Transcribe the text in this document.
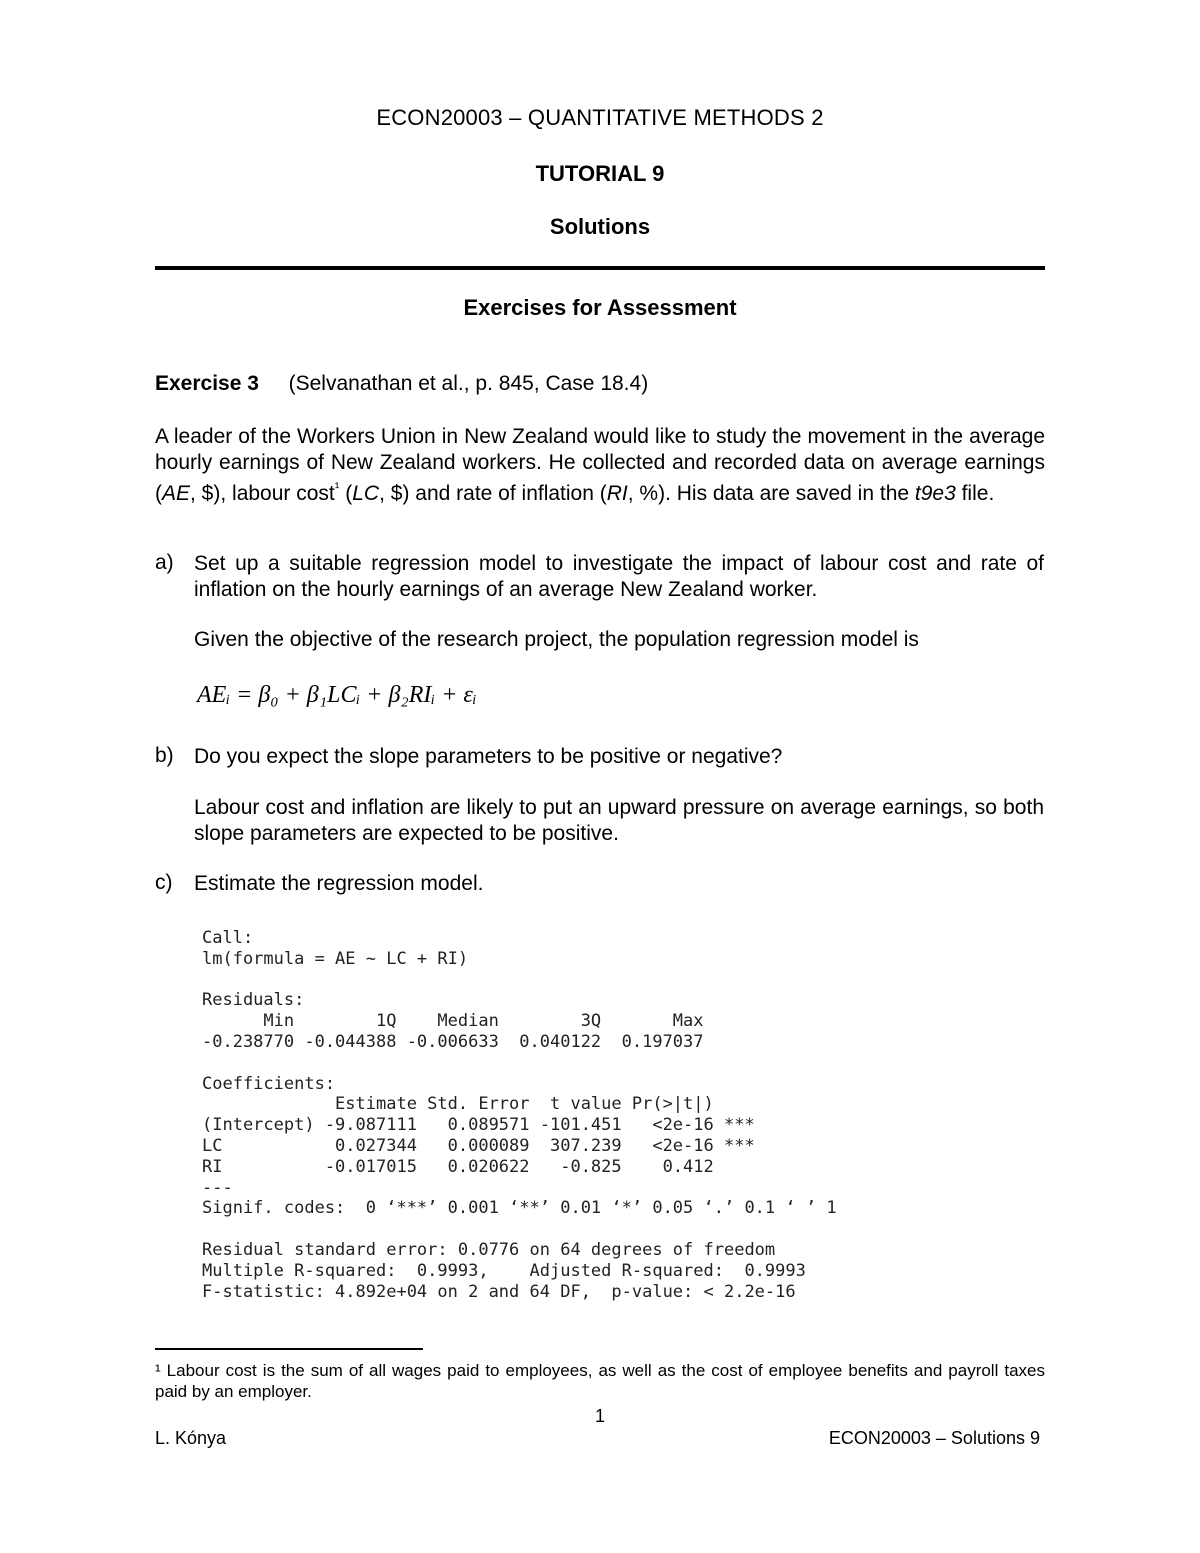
ECON20003 – QUANTITATIVE METHODS 2
TUTORIAL 9
Solutions
Exercises for Assessment
Exercise 3 (Selvanathan et al., p. 845, Case 18.4)
A leader of the Workers Union in New Zealand would like to study the movement in the average hourly earnings of New Zealand workers. He collected and recorded data on average earnings (AE, $), labour cost$^{^1}$ (LC, $) and rate of inflation (RI, %). His data are saved in the t9e3 file.
a) Set up a suitable regression model to investigate the impact of labour cost and rate of inflation on the hourly earnings of an average New Zealand worker.
Given the objective of the research project, the population regression model is
AEᵢ = β₀ + β₁LCᵢ + β₂RIᵢ + εᵢ
b) Do you expect the slope parameters to be positive or negative?
Labour cost and inflation are likely to put an upward pressure on average earnings, so both slope parameters are expected to be positive.
c) Estimate the regression model.
Call:
lm(formula = AE ~ LC + RI)

Residuals:
Min        1Q    Median        3Q       Max
-0.238770 -0.044388 -0.006633  0.040122  0.197037

Coefficients:
Estimate Std. Error  t value Pr(>|t|)
(Intercept) -9.087111   0.089571 -101.451   <2e-16 ***
LC           0.027344   0.000089  307.239   <2e-16 ***
RI          -0.017015   0.020622   -0.825    0.412
---
Signif. codes:  0 ‘***’ 0.001 ‘**’ 0.01 ‘*’ 0.05 ‘.’ 0.1 ‘ ’ 1

Residual standard error: 0.0776 on 64 degrees of freedom
Multiple R-squared:  0.9993,    Adjusted R-squared:  0.9993
F-statistic: 4.892e+04 on 2 and 64 DF,  p-value: < 2.2e-16
¹ Labour cost is the sum of all wages paid to employees, as well as the cost of employee benefits and payroll taxes paid by an employer.
1
L. Kónya	ECON20003 – Solutions 9
